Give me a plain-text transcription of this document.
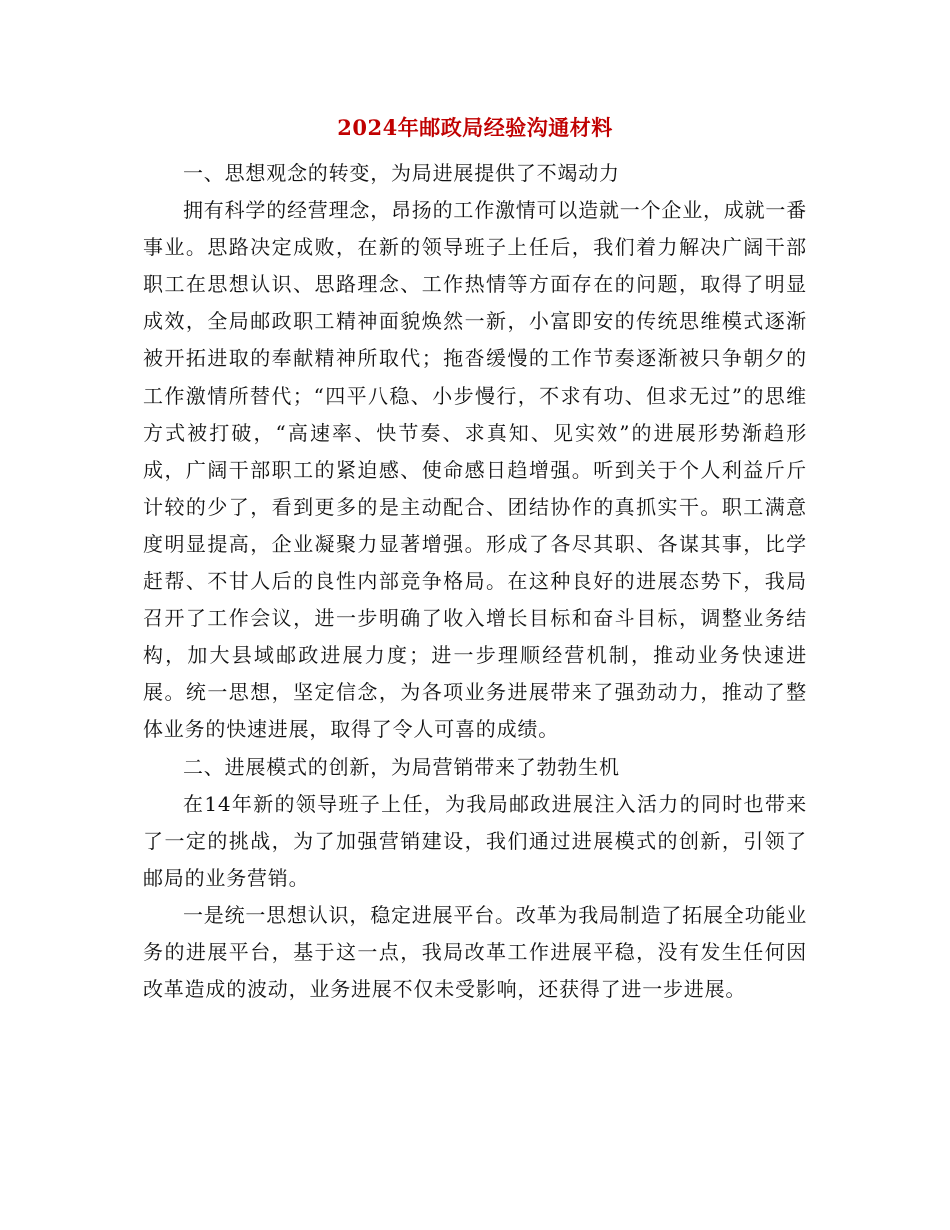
2024年邮政局经验沟通材料

一、思想观念的转变，为局进展提供了不竭动力

拥有科学的经营理念，昂扬的工作激情可以造就一个企业，成就一番事业。思路决定成败，在新的领导班子上任后，我们着力解决广阔干部职工在思想认识、思路理念、工作热情等方面存在的问题，取得了明显成效，全局邮政职工精神面貌焕然一新，小富即安的传统思维模式逐渐被开拓进取的奉献精神所取代；拖沓缓慢的工作节奏逐渐被只争朝夕的工作激情所替代；“四平八稳、小步慢行，不求有功、但求无过”的思维方式被打破，“高速率、快节奏、求真知、见实效”的进展形势渐趋形成，广阔干部职工的紧迫感、使命感日趋增强。听到关于个人利益斤斤计较的少了，看到更多的是主动配合、团结协作的真抓实干。职工满意度明显提高，企业凝聚力显著增强。形成了各尽其职、各谋其事，比学赶帮、不甘人后的良性内部竞争格局。在这种良好的进展态势下，我局召开了工作会议，进一步明确了收入增长目标和奋斗目标，调整业务结构，加大县域邮政进展力度；进一步理顺经营机制，推动业务快速进展。统一思想，坚定信念，为各项业务进展带来了强劲动力，推动了整体业务的快速进展，取得了令人可喜的成绩。

二、进展模式的创新，为局营销带来了勃勃生机

在14年新的领导班子上任，为我局邮政进展注入活力的同时也带来了一定的挑战，为了加强营销建设，我们通过进展模式的创新，引领了邮局的业务营销。

一是统一思想认识，稳定进展平台。改革为我局制造了拓展全功能业务的进展平台，基于这一点，我局改革工作进展平稳，没有发生任何因改革造成的波动，业务进展不仅未受影响，还获得了进一步进展。
